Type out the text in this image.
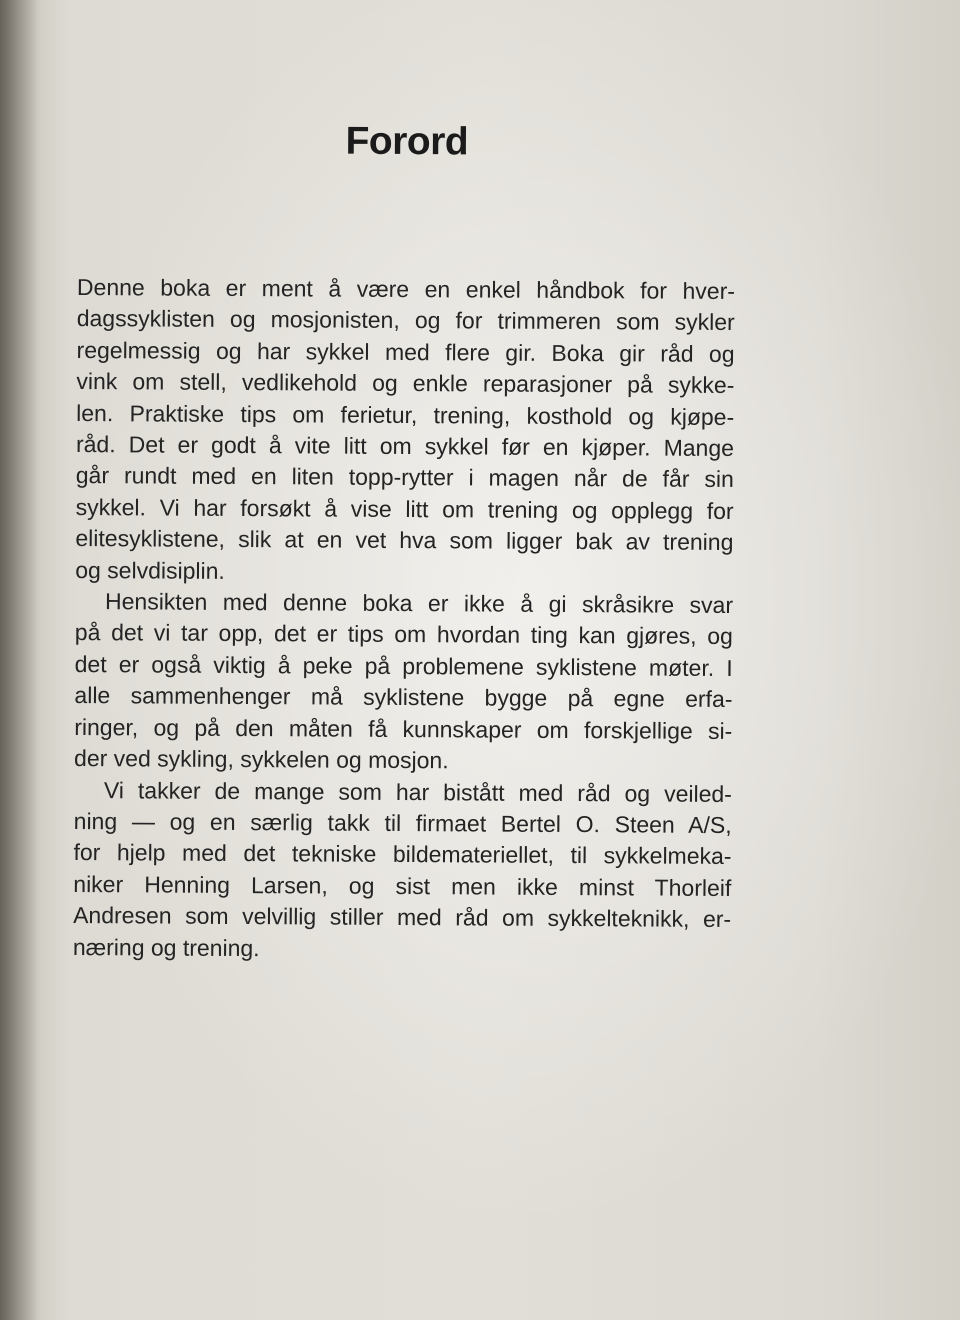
Forord

Denne boka er ment å være en enkel håndbok for hver-
dagssyklisten og mosjonisten, og for trimmeren som sykler
regelmessig og har sykkel med flere gir. Boka gir råd og
vink om stell, vedlikehold og enkle reparasjoner på sykke-
len. Praktiske tips om ferietur, trening, kosthold og kjøpe-
råd. Det er godt å vite litt om sykkel før en kjøper. Mange
går rundt med en liten topp-rytter i magen når de får sin
sykkel. Vi har forsøkt å vise litt om trening og opplegg for
elitesyklistene, slik at en vet hva som ligger bak av trening
og selvdisiplin.

Hensikten med denne boka er ikke å gi skråsikre svar
på det vi tar opp, det er tips om hvordan ting kan gjøres, og
det er også viktig å peke på problemene syklistene møter. I
alle sammenhenger må syklistene bygge på egne erfa-
ringer, og på den måten få kunnskaper om forskjellige si-
der ved sykling, sykkelen og mosjon.

Vi takker de mange som har bistått med råd og veiled-
ning — og en særlig takk til firmaet Bertel O. Steen A/S,
for hjelp med det tekniske bildemateriellet, til sykkelmeka-
niker Henning Larsen, og sist men ikke minst Thorleif
Andresen som velvillig stiller med råd om sykkelteknikk, er-
næring og trening.
